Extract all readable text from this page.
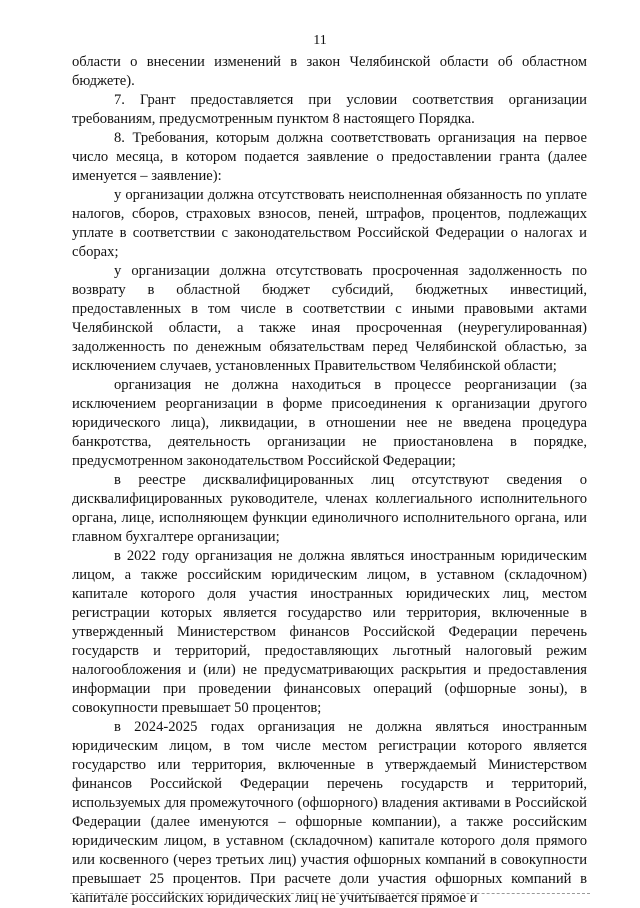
11

области о внесении изменений в закон Челябинской области об областном бюджете).

7. Грант предоставляется при условии соответствия организации требованиям, предусмотренным пунктом 8 настоящего Порядка.

8. Требования, которым должна соответствовать организация на первое число месяца, в котором подается заявление о предоставлении гранта (далее именуется – заявление):

у организации должна отсутствовать неисполненная обязанность по уплате налогов, сборов, страховых взносов, пеней, штрафов, процентов, подлежащих уплате в соответствии с законодательством Российской Федерации о налогах и сборах;

у организации должна отсутствовать просроченная задолженность по возврату в областной бюджет субсидий, бюджетных инвестиций, предоставленных в том числе в соответствии с иными правовыми актами Челябинской области, а также иная просроченная (неурегулированная) задолженность по денежным обязательствам перед Челябинской областью, за исключением случаев, установленных Правительством Челябинской области;

организация не должна находиться в процессе реорганизации (за исключением реорганизации в форме присоединения к организации другого юридического лица), ликвидации, в отношении нее не введена процедура банкротства, деятельность организации не приостановлена в порядке, предусмотренном законодательством Российской Федерации;

в реестре дисквалифицированных лиц отсутствуют сведения о дисквалифицированных руководителе, членах коллегиального исполнительного органа, лице, исполняющем функции единоличного исполнительного органа, или главном бухгалтере организации;

в 2022 году организация не должна являться иностранным юридическим лицом, а также российским юридическим лицом, в уставном (складочном) капитале которого доля участия иностранных юридических лиц, местом регистрации которых является государство или территория, включенные в утвержденный Министерством финансов Российской Федерации перечень государств и территорий, предоставляющих льготный налоговый режим налогообложения и (или) не предусматривающих раскрытия и предоставления информации при проведении финансовых операций (офшорные зоны), в совокупности превышает 50 процентов;

в 2024-2025 годах организация не должна являться иностранным юридическим лицом, в том числе местом регистрации которого является государство или территория, включенные в утверждаемый Министерством финансов Российской Федерации перечень государств и территорий, используемых для промежуточного (офшорного) владения активами в Российской Федерации (далее именуются – офшорные компании), а также российским юридическим лицом, в уставном (складочном) капитале которого доля прямого или косвенного (через третьих лиц) участия офшорных компаний в совокупности превышает 25 процентов. При расчете доли участия офшорных компаний в капитале российских юридических лиц не учитывается прямое и
